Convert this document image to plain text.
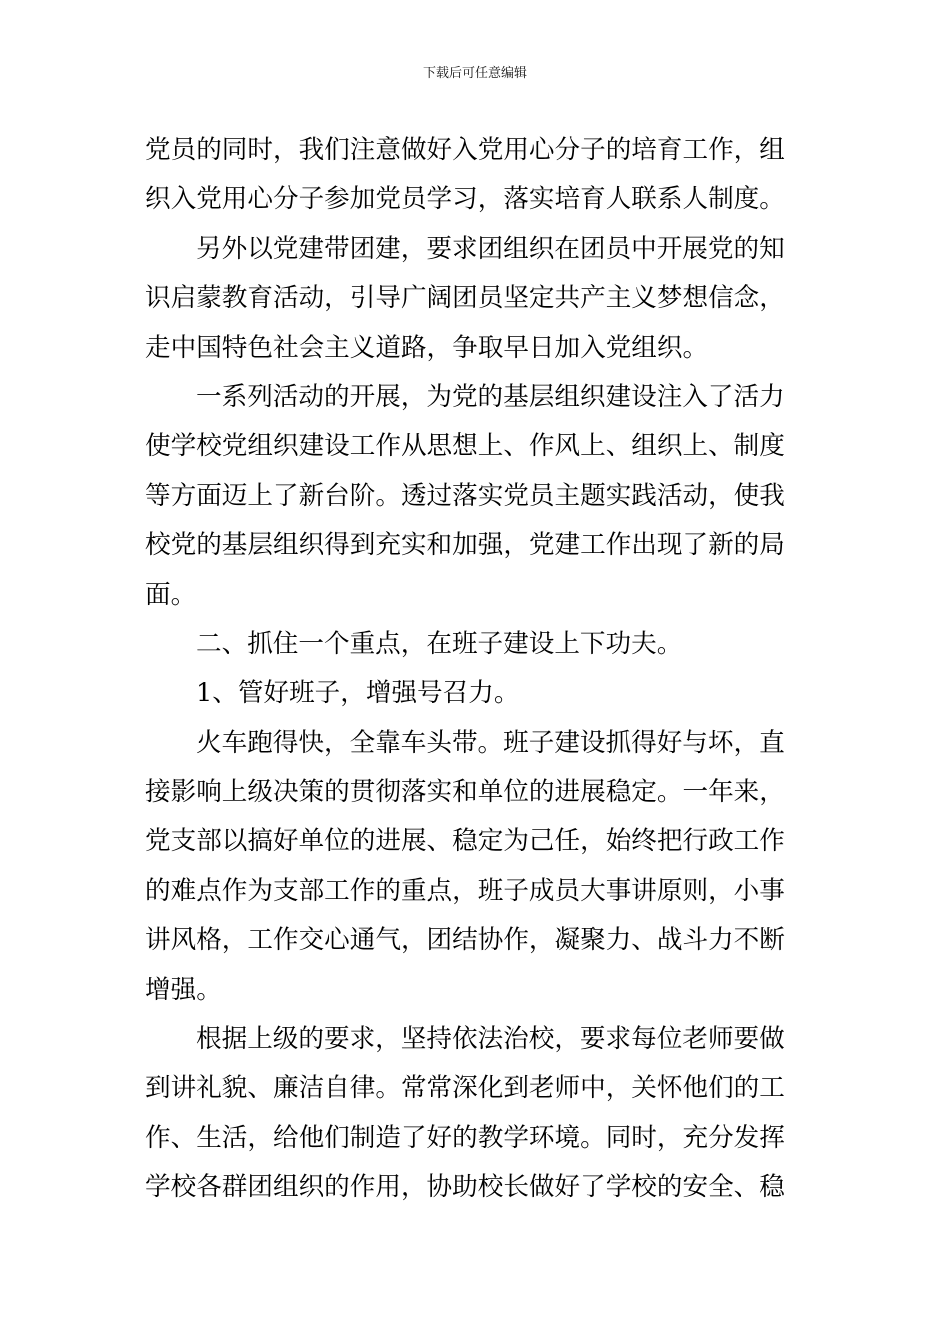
下载后可任意编辑
党员的同时，我们注意做好入党用心分子的培育工作，组
织入党用心分子参加党员学习，落实培育人联系人制度。
另外以党建带团建，要求团组织在团员中开展党的知
识启蒙教育活动，引导广阔团员坚定共产主义梦想信念，
走中国特色社会主义道路，争取早日加入党组织。
一系列活动的开展，为党的基层组织建设注入了活力
使学校党组织建设工作从思想上、作风上、组织上、制度
等方面迈上了新台阶。透过落实党员主题实践活动，使我
校党的基层组织得到充实和加强，党建工作出现了新的局
面。
二、抓住一个重点，在班子建设上下功夫。
1、管好班子，增强号召力。
火车跑得快，全靠车头带。班子建设抓得好与坏，直
接影响上级决策的贯彻落实和单位的进展稳定。一年来，
党支部以搞好单位的进展、稳定为己任，始终把行政工作
的难点作为支部工作的重点，班子成员大事讲原则，小事
讲风格，工作交心通气，团结协作，凝聚力、战斗力不断
增强。
根据上级的要求，坚持依法治校，要求每位老师要做
到讲礼貌、廉洁自律。常常深化到老师中，关怀他们的工
作、生活，给他们制造了好的教学环境。同时，充分发挥
学校各群团组织的作用，协助校长做好了学校的安全、稳
